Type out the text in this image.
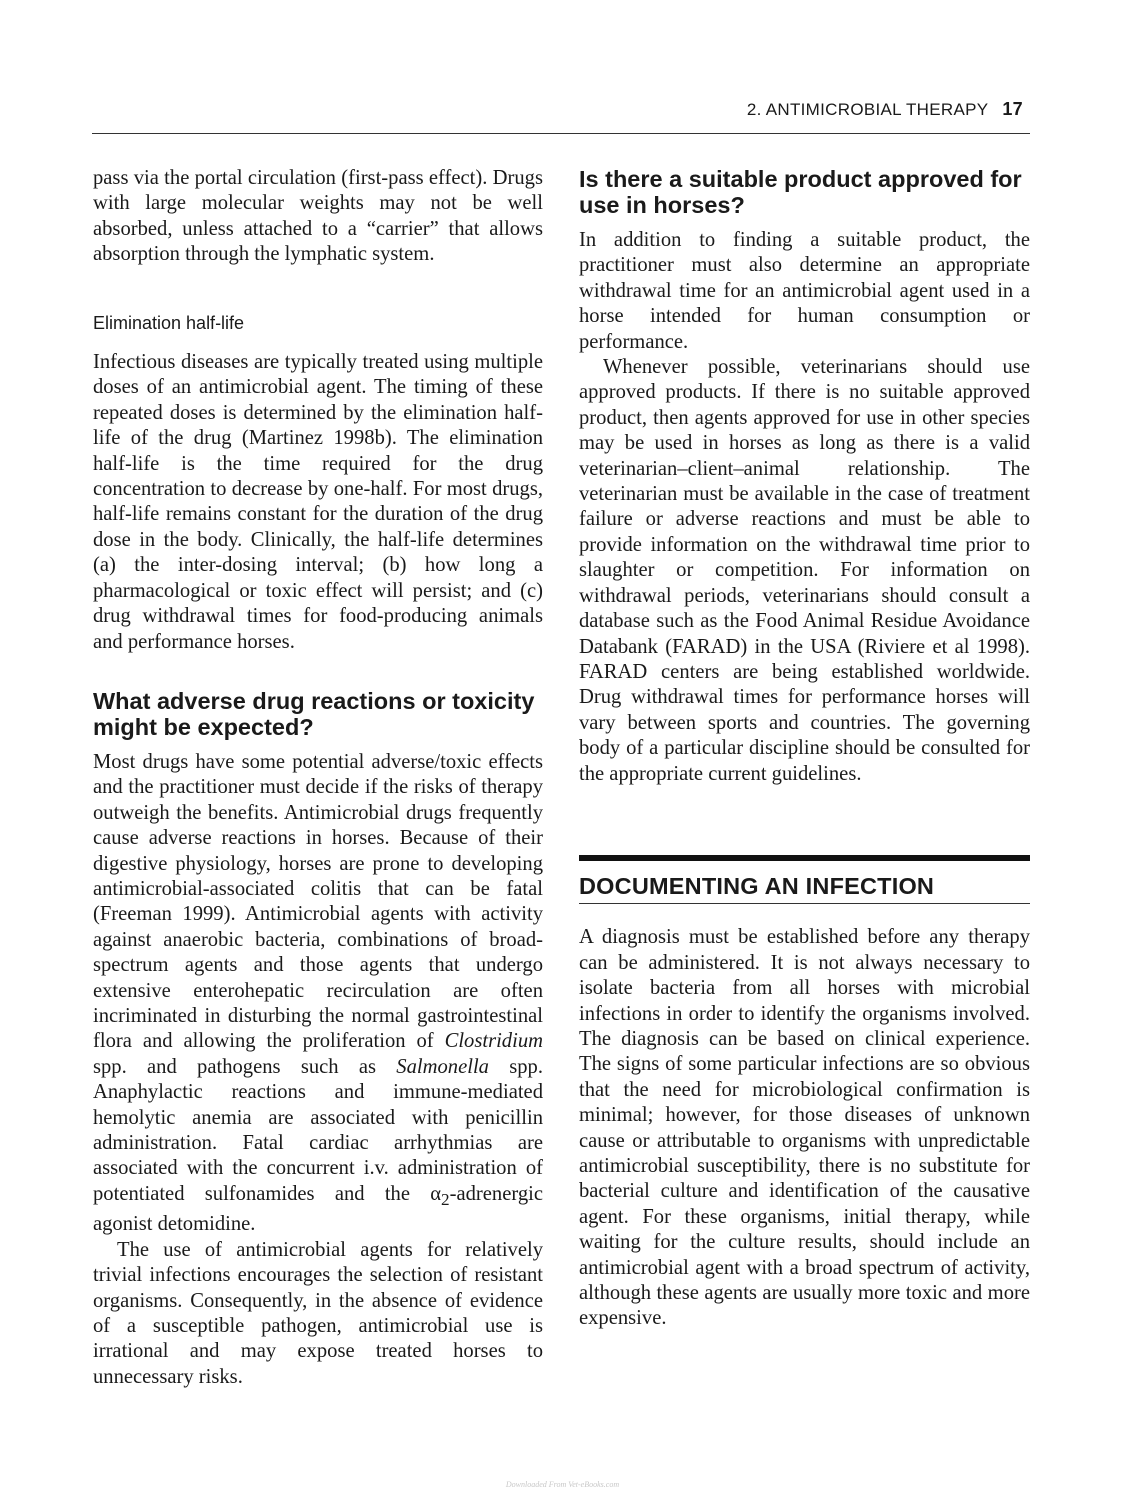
2. ANTIMICROBIAL THERAPY 17

pass via the portal circulation (first-pass effect). Drugs with large molecular weights may not be well absorbed, unless attached to a “carrier” that allows absorption through the lymphatic system.

Elimination half-life

Infectious diseases are typically treated using multiple doses of an antimicrobial agent. The timing of these repeated doses is determined by the elimination half-life of the drug (Martinez 1998b). The elimination half-life is the time required for the drug concentration to decrease by one-half. For most drugs, half-life remains constant for the duration of the drug dose in the body. Clinically, the half-life determines (a) the inter-dosing interval; (b) how long a pharmacological or toxic effect will persist; and (c) drug withdrawal times for food-producing animals and performance horses.

What adverse drug reactions or toxicity might be expected?

Most drugs have some potential adverse/toxic effects and the practitioner must decide if the risks of therapy outweigh the benefits. Antimicrobial drugs frequently cause adverse reactions in horses. Because of their digestive physiology, horses are prone to developing antimicrobial-associated colitis that can be fatal (Freeman 1999). Antimicrobial agents with activity against anaerobic bacteria, combinations of broad-spectrum agents and those agents that undergo extensive enterohepatic recirculation are often incriminated in disturbing the normal gastrointestinal flora and allowing the proliferation of Clostridium spp. and pathogens such as Salmonella spp. Anaphylactic reactions and immune-mediated hemolytic anemia are associated with penicillin administration. Fatal cardiac arrhythmias are associated with the concurrent i.v. administration of potentiated sulfonamides and the $\alpha_2$-adrenergic agonist detomidine.

The use of antimicrobial agents for relatively trivial infections encourages the selection of resistant organisms. Consequently, in the absence of evidence of a susceptible pathogen, antimicrobial use is irrational and may expose treated horses to unnecessary risks.

Is there a suitable product approved for use in horses?

In addition to finding a suitable product, the practitioner must also determine an appropriate withdrawal time for an antimicrobial agent used in a horse intended for human consumption or performance.

Whenever possible, veterinarians should use approved products. If there is no suitable approved product, then agents approved for use in other species may be used in horses as long as there is a valid veterinarian–client–animal relationship. The veterinarian must be available in the case of treatment failure or adverse reactions and must be able to provide information on the withdrawal time prior to slaughter or competition. For information on withdrawal periods, veterinarians should consult a database such as the Food Animal Residue Avoidance Databank (FARAD) in the USA (Riviere et al 1998). FARAD centers are being established worldwide. Drug withdrawal times for performance horses will vary between sports and countries. The governing body of a particular discipline should be consulted for the appropriate current guidelines.

DOCUMENTING AN INFECTION

A diagnosis must be established before any therapy can be administered. It is not always necessary to isolate bacteria from all horses with microbial infections in order to identify the organisms involved. The diagnosis can be based on clinical experience. The signs of some particular infections are so obvious that the need for microbiological confirmation is minimal; however, for those diseases of unknown cause or attributable to organisms with unpredictable antimicrobial susceptibility, there is no substitute for bacterial culture and identification of the causative agent. For these organisms, initial therapy, while waiting for the culture results, should include an antimicrobial agent with a broad spectrum of activity, although these agents are usually more toxic and more expensive.

Downloaded From Vet-eBooks.com
